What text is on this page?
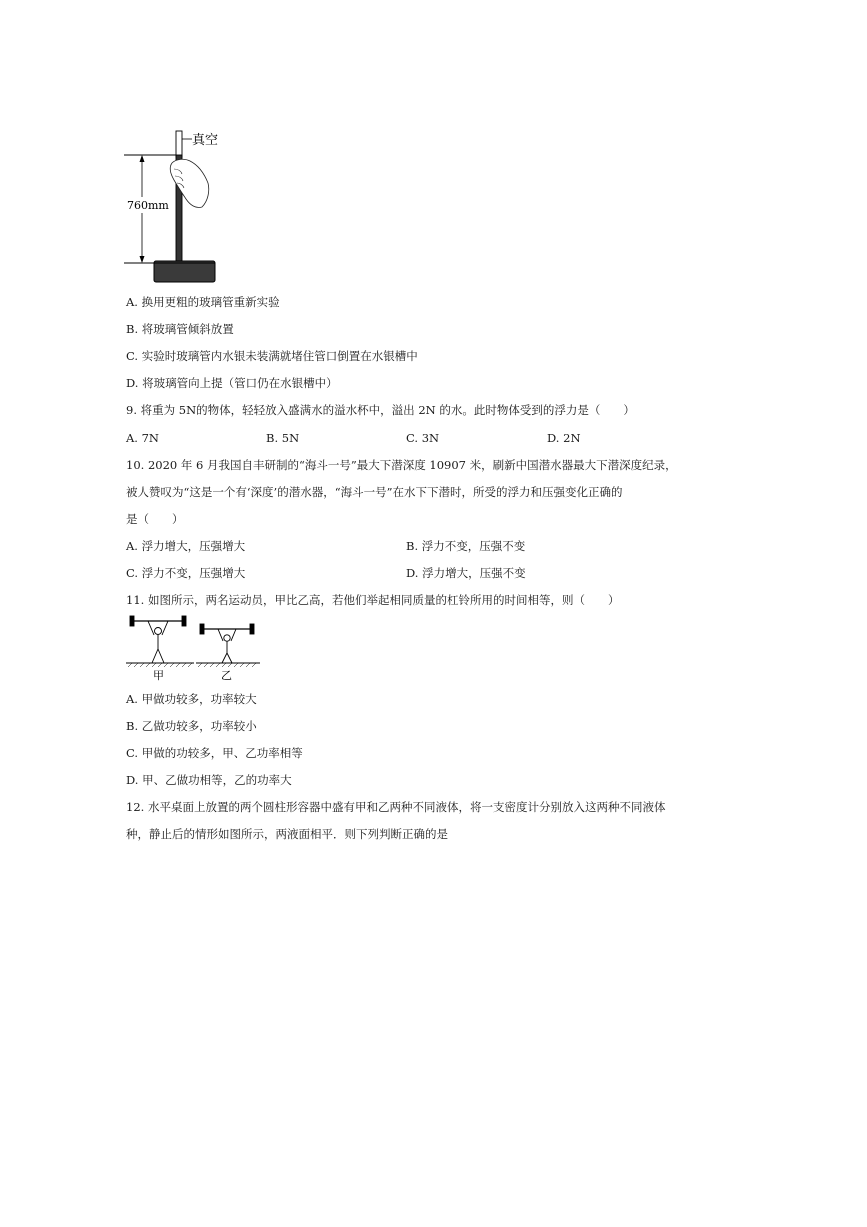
760mm
真空
A. 换用更粗的玻璃管重新实验
B. 将玻璃管倾斜放置
C. 实验时玻璃管内水银未装满就堵住管口倒置在水银槽中
D. 将玻璃管向上提（管口仍在水银槽中）
9. 将重为 5N的物体，轻轻放入盛满水的溢水杯中，溢出 2N 的水。此时物体受到的浮力是（　　）
A. 7N	B. 5N	C. 3N	D. 2N
10. 2020 年 6 月我国自丰研制的“海斗一号”最大下潜深度 10907 米，刷新中国潜水器最大下潜深度纪录，
被人赞叹为“这是一个有‘深度’的潜水器，“海斗一号”在水下下潜时，所受的浮力和压强变化正确的
是（　　）
A. 浮力增大，压强增大	B. 浮力不变，压强不变
C. 浮力不变，压强增大	D. 浮力增大，压强不变
11. 如图所示，两名运动员，甲比乙高，若他们举起相同质量的杠铃所用的时间相等，则（　　）
甲	乙
A. 甲做功较多，功率较大
B. 乙做功较多，功率较小
C. 甲做的功较多，甲、乙功率相等
D. 甲、乙做功相等，乙的功率大
12. 水平桌面上放置的两个圆柱形容器中盛有甲和乙两种不同液体，将一支密度计分别放入这两种不同液体
种，静止后的情形如图所示，两液面相平．则下列判断正确的是
